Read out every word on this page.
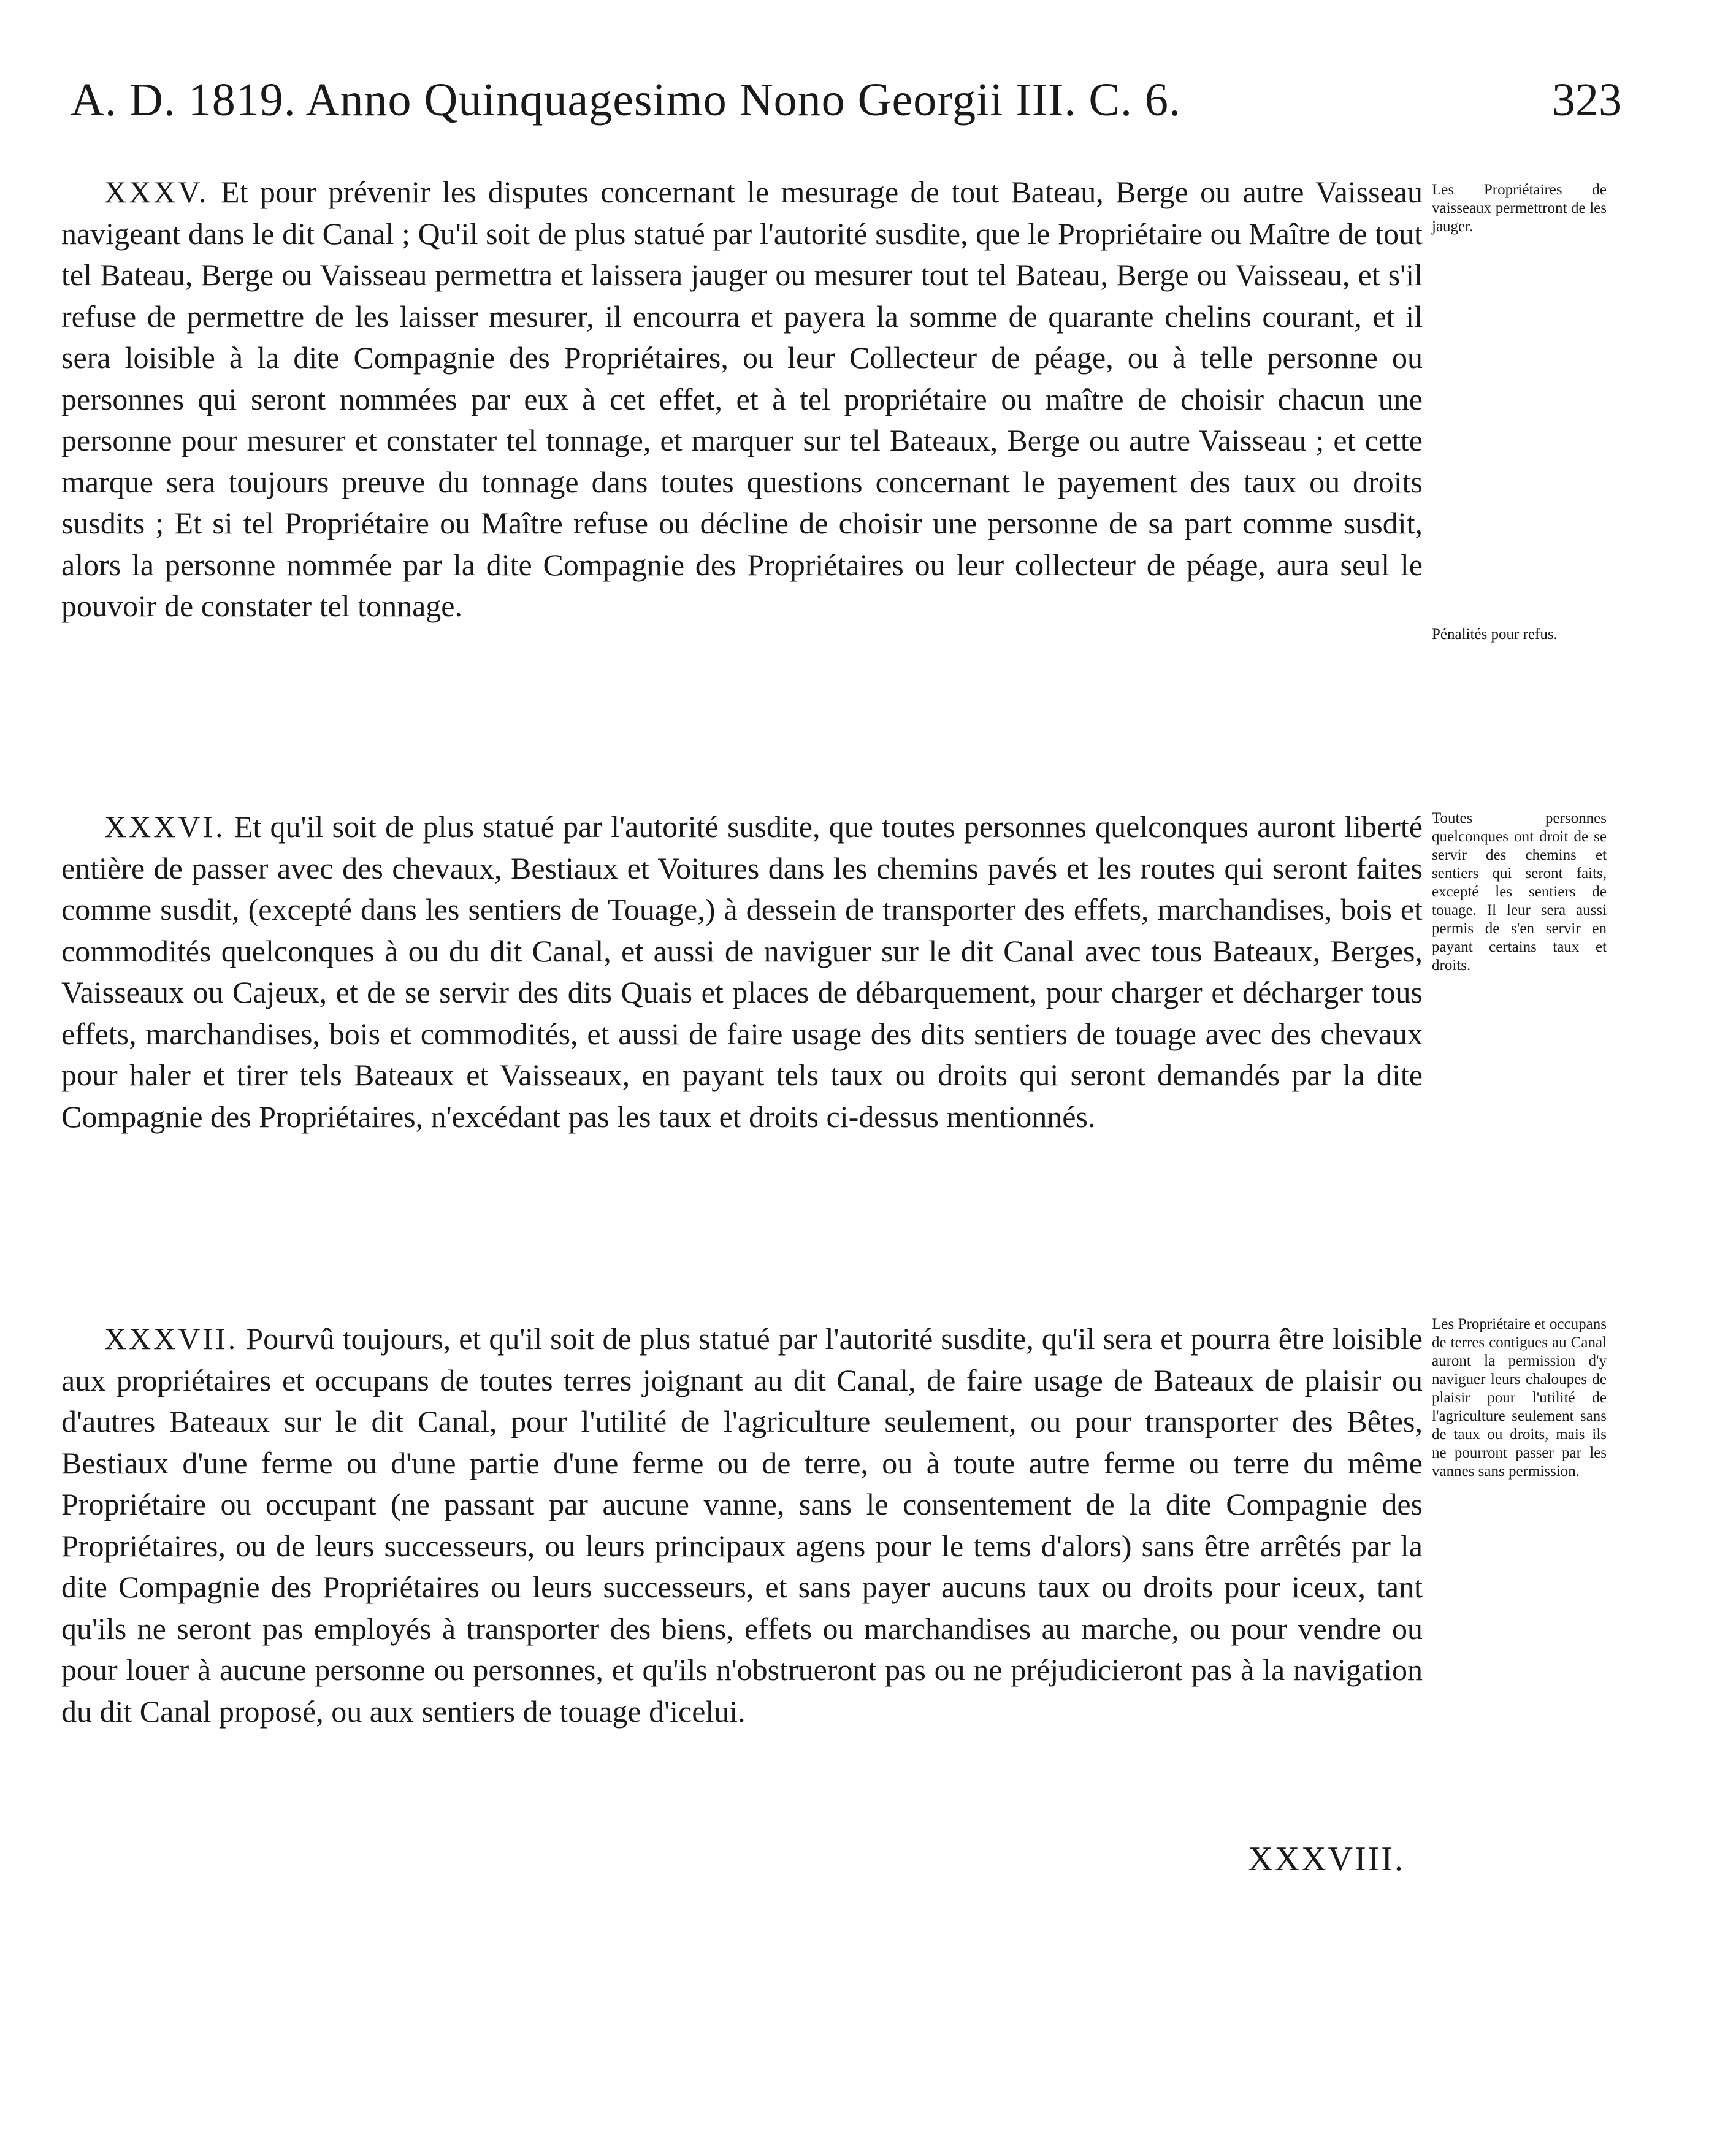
A. D. 1819. Anno Quinquagesimo Nono Georgii III. C. 6.	323

XXXV. Et pour prévenir les disputes concernant le mesurage de tout Bateau, Berge ou autre Vaisseau navigeant dans le dit Canal ; Qu'il soit de plus statué par l'autorité susdite, que le Propriétaire ou Maître de tout tel Bateau, Berge ou Vaisseau permettra et laissera jauger ou mesurer tout tel Bateau, Berge ou Vaisseau, et s'il refuse de permettre de les laisser mesurer, il encourra et payera la somme de quarante chelins courant, et il sera loisible à la dite Compagnie des Propriétaires, ou leur Collecteur de péage, ou à telle personne ou personnes qui seront nommées par eux à cet effet, et à tel propriétaire ou maître de choisir chacun une personne pour mesurer et constater tel tonnage, et marquer sur tel Bateaux, Berge ou autre Vaisseau ; et cette marque sera toujours preuve du tonnage dans toutes questions concernant le payement des taux ou droits susdits ; Et si tel Propriétaire ou Maître refuse ou décline de choisir une personne de sa part comme susdit, alors la personne nommée par la dite Compagnie des Propriétaires ou leur collecteur de péage, aura seul le pouvoir de constater tel tonnage.

XXXVI. Et qu'il soit de plus statué par l'autorité susdite, que toutes personnes quelconques auront liberté entière de passer avec des chevaux, Bestiaux et Voitures dans les chemins pavés et les routes qui seront faites comme susdit, (excepté dans les sentiers de Touage,) à dessein de transporter des effets, marchandises, bois et commodités quelconques à ou du dit Canal, et aussi de naviguer sur le dit Canal avec tous Bateaux, Berges, Vaisseaux ou Cajeux, et de se servir des dits Quais et places de débarquement, pour charger et décharger tous effets, marchandises, bois et commodités, et aussi de faire usage des dits sentiers de touage avec des chevaux pour haler et tirer tels Bateaux et Vaisseaux, en payant tels taux ou droits qui seront demandés par la dite Compagnie des Propriétaires, n'excédant pas les taux et droits ci-dessus mentionnés.

XXXVII. Pourvû toujours, et qu'il soit de plus statué par l'autorité susdite, qu'il sera et pourra être loisible aux propriétaires et occupans de toutes terres joignant au dit Canal, de faire usage de Bateaux de plaisir ou d'autres Bateaux sur le dit Canal, pour l'utilité de l'agriculture seulement, ou pour transporter des Bêtes, Bestiaux d'une ferme ou d'une partie d'une ferme ou de terre, ou à toute autre ferme ou terre du même Propriétaire ou occupant (ne passant par aucune vanne, sans le consentement de la dite Compagnie des Propriétaires, ou de leurs successeurs, ou leurs principaux agens pour le tems d'alors) sans être arrêtés par la dite Compagnie des Propriétaires ou leurs successeurs, et sans payer aucuns taux ou droits pour iceux, tant qu'ils ne seront pas employés à transporter des biens, effets ou marchandises au marche, ou pour vendre ou pour louer à aucune personne ou personnes, et qu'ils n'obstrueront pas ou ne préjudicieront pas à la navigation du dit Canal proposé, ou aux sentiers de touage d'icelui.

Les Propriétaires de vaisseaux permettront de les jauger.

Pénalités pour refus.

Toutes personnes quelconques ont droit de se servir des chemins et sentiers qui seront faits, excepté les sentiers de touage. Il leur sera aussi permis de s'en servir en payant certains taux et droits.

Les Propriétaire et occupans de terres contigues au Canal auront la permission d'y naviguer leurs chaloupes de plaisir pour l'utilité de l'agriculture seulement sans de taux ou droits, mais ils ne pourront passer par les vannes sans permission.

XXXVIII.
